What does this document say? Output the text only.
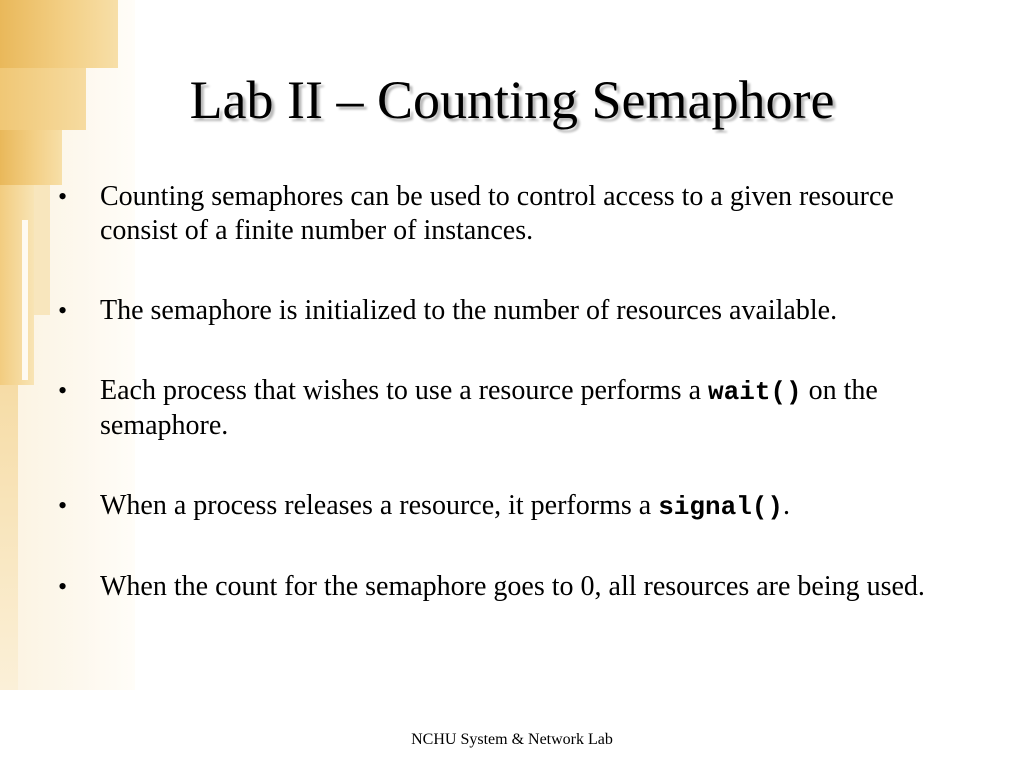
Lab II – Counting Semaphore
• Counting semaphores can be used to control access to a given resource consist of a finite number of instances.
• The semaphore is initialized to the number of resources available.
• Each process that wishes to use a resource performs a wait() on the semaphore.
• When a process releases a resource, it performs a signal().
• When the count for the semaphore goes to 0, all resources are being used.
NCHU System & Network Lab
